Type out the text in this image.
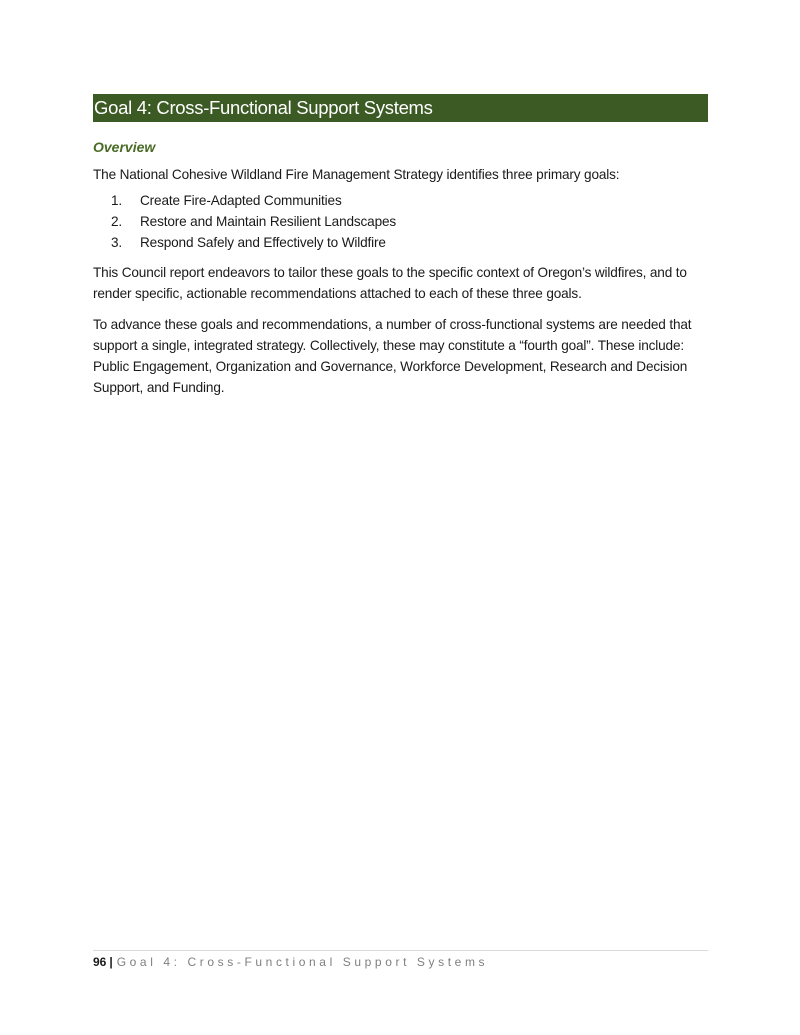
Goal 4: Cross-Functional Support Systems
Overview

The National Cohesive Wildland Fire Management Strategy identifies three primary goals:

1.	Create Fire-Adapted Communities
2.	Restore and Maintain Resilient Landscapes
3.	Respond Safely and Effectively to Wildfire

This Council report endeavors to tailor these goals to the specific context of Oregon’s wildfires, and to render specific, actionable recommendations attached to each of these three goals.

To advance these goals and recommendations, a number of cross-functional systems are needed that support a single, integrated strategy. Collectively, these may constitute a “fourth goal”. These include: Public Engagement, Organization and Governance, Workforce Development, Research and Decision Support, and Funding.

96 | Goal 4: Cross-Functional Support Systems
